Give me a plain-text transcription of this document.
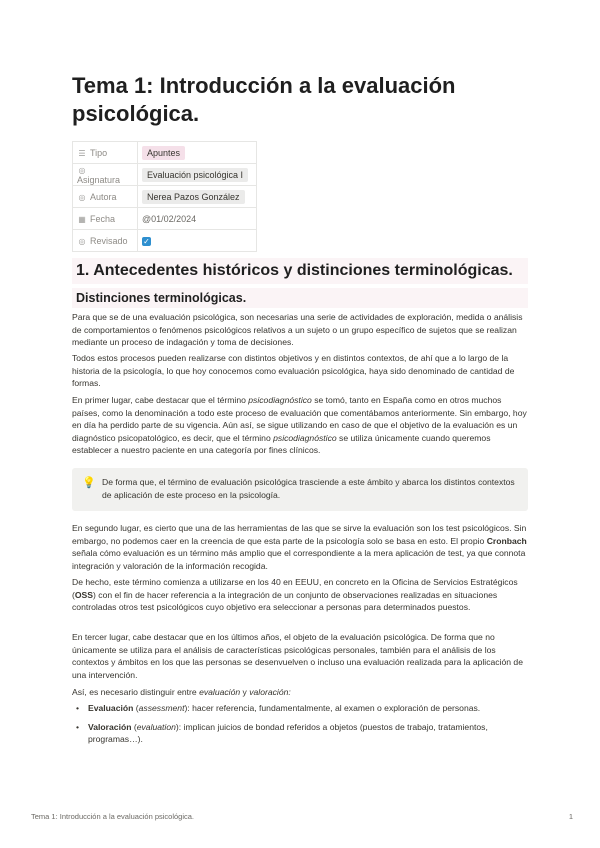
Tema 1: Introducción a la evaluación psicológica.
☰ Tipo	Apuntes
◎Asignatura	Evaluación psicológica I
◎ Autora	Nerea Pazos González
▦ Fecha	@01/02/2024
◎ Revisado	✓
1. Antecedentes históricos y distinciones terminológicas.
Distinciones terminológicas.

Para que se de una evaluación psicológica, son necesarias una serie de actividades de exploración, medida o análisis de comportamientos o fenómenos psicológicos relativos a un sujeto o un grupo específico de sujetos que se realizan mediante un proceso de indagación y toma de decisiones.

Todos estos procesos pueden realizarse con distintos objetivos y en distintos contextos, de ahí que a lo largo de la historia de la psicología, lo que hoy conocemos como evaluación psicológica, haya sido denominado de cantidad de formas.

En primer lugar, cabe destacar que el término psicodiagnóstico se tomó, tanto en España como en otros muchos países, como la denominación a todo este proceso de evaluación que comentábamos anteriormente. Sin embargo, hoy en día ha perdido parte de su vigencia. Aún así, se sigue utilizando en caso de que el objetivo de la evaluación es un diagnóstico psicopatológico, es decir, que el término psicodiagnóstico se utiliza únicamente cuando queremos establecer a nuestro paciente en una categoría por fines clínicos.

💡 De forma que, el término de evaluación psicológica trasciende a este ámbito y abarca los distintos contextos de aplicación de este proceso en la psicología.

En segundo lugar, es cierto que una de las herramientas de las que se sirve la evaluación son los test psicológicos. Sin embargo, no podemos caer en la creencia de que esta parte de la psicología solo se basa en esto. El propio Cronbach señala cómo evaluación es un término más amplio que el correspondiente a la mera aplicación de test, ya que connota integración y valoración de la información recogida.

De hecho, este término comienza a utilizarse en los 40 en EEUU, en concreto en la Oficina de Servicios Estratégicos (OSS) con el fin de hacer referencia a la integración de un conjunto de observaciones realizadas en situaciones controladas otros test psicológicos cuyo objetivo era seleccionar a personas para determinados puestos.

En tercer lugar, cabe destacar que en los últimos años, el objeto de la evaluación psicológica. De forma que no únicamente se utiliza para el análisis de características psicológicas personales, también para el análisis de los contextos y ámbitos en los que las personas se desenvuelven o incluso una evaluación realizada para la aplicación de una intervención.

Así, es necesario distinguir entre evaluación y valoración:

• Evaluación (assessment): hacer referencia, fundamentalmente, al examen o exploración de personas.
• Valoración (evaluation): implican juicios de bondad referidos a objetos (puestos de trabajo, tratamientos, programas…).
Tema 1: Introducción a la evaluación psicológica.	1
